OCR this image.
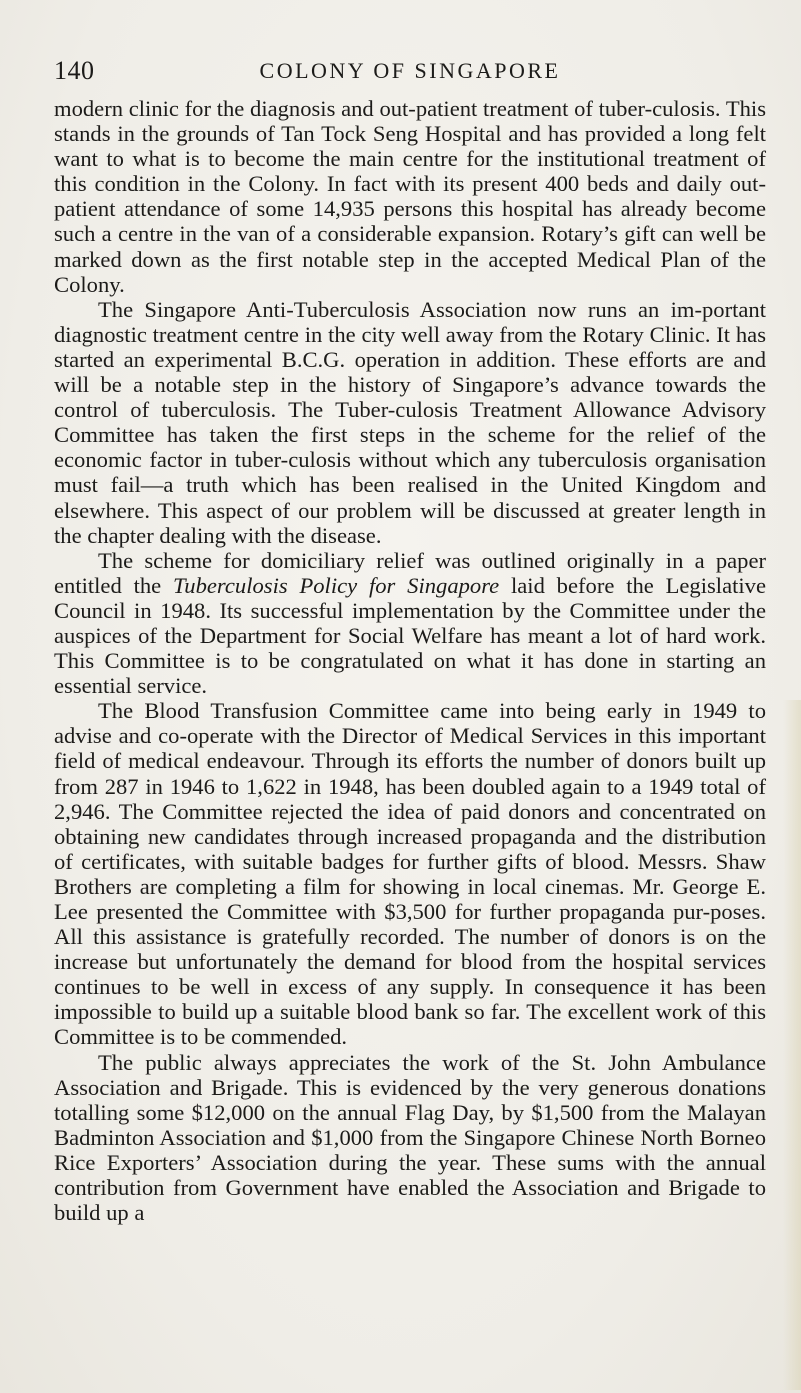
140	COLONY OF SINGAPORE

modern clinic for the diagnosis and out-patient treatment of tuber-culosis. This stands in the grounds of Tan Tock Seng Hospital and has provided a long felt want to what is to become the main centre for the institutional treatment of this condition in the Colony. In fact with its present 400 beds and daily out-patient attendance of some 14,935 persons this hospital has already become such a centre in the van of a considerable expansion. Rotary’s gift can well be marked down as the first notable step in the accepted Medical Plan of the Colony.

The Singapore Anti-Tuberculosis Association now runs an im-portant diagnostic treatment centre in the city well away from the Rotary Clinic. It has started an experimental B.C.G. operation in addition. These efforts are and will be a notable step in the history of Singapore’s advance towards the control of tuberculosis. The Tuber-culosis Treatment Allowance Advisory Committee has taken the first steps in the scheme for the relief of the economic factor in tuber-culosis without which any tuberculosis organisation must fail—a truth which has been realised in the United Kingdom and elsewhere. This aspect of our problem will be discussed at greater length in the chapter dealing with the disease.

The scheme for domiciliary relief was outlined originally in a paper entitled the Tuberculosis Policy for Singapore laid before the Legislative Council in 1948. Its successful implementation by the Committee under the auspices of the Department for Social Welfare has meant a lot of hard work. This Committee is to be congratulated on what it has done in starting an essential service.

The Blood Transfusion Committee came into being early in 1949 to advise and co-operate with the Director of Medical Services in this important field of medical endeavour. Through its efforts the number of donors built up from 287 in 1946 to 1,622 in 1948, has been doubled again to a 1949 total of 2,946. The Committee rejected the idea of paid donors and concentrated on obtaining new candidates through increased propaganda and the distribution of certificates, with suitable badges for further gifts of blood. Messrs. Shaw Brothers are completing a film for showing in local cinemas. Mr. George E. Lee presented the Committee with $3,500 for further propaganda pur-poses. All this assistance is gratefully recorded. The number of donors is on the increase but unfortunately the demand for blood from the hospital services continues to be well in excess of any supply. In consequence it has been impossible to build up a suitable blood bank so far. The excellent work of this Committee is to be commended.

The public always appreciates the work of the St. John Ambulance Association and Brigade. This is evidenced by the very generous donations totalling some $12,000 on the annual Flag Day, by $1,500 from the Malayan Badminton Association and $1,000 from the Singapore Chinese North Borneo Rice Exporters’ Association during the year. These sums with the annual contribution from Government have enabled the Association and Brigade to build up a
